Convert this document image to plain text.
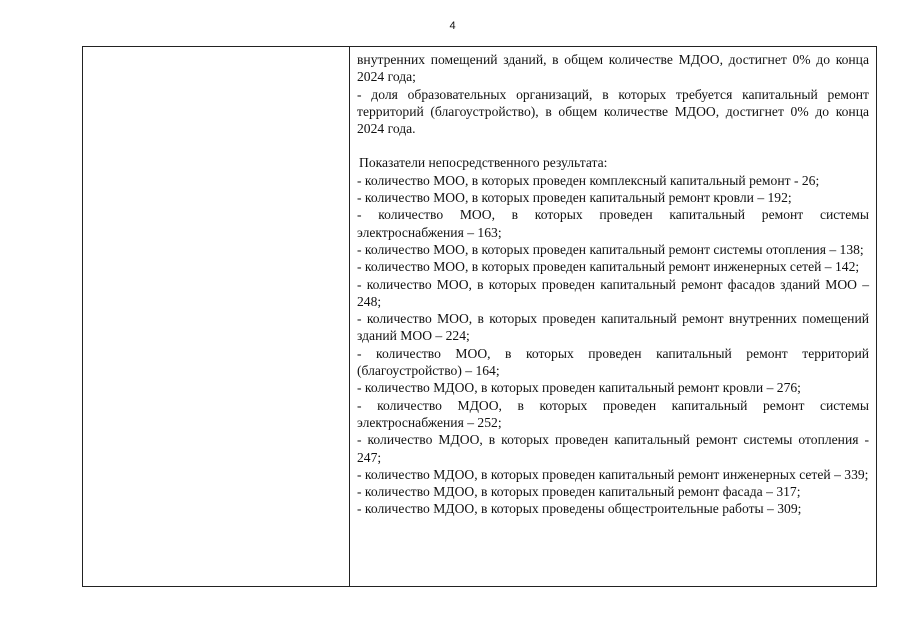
4

внутренних помещений зданий, в общем количестве МДОО, достигнет 0% до конца 2024 года;

- доля образовательных организаций, в которых требуется капитальный ремонт территорий (благоустройство), в общем количестве МДОО, достигнет 0% до конца 2024 года.

Показатели непосредственного результата:

- количество МОО, в которых проведен комплексный капитальный ремонт - 26;

- количество МОО, в которых проведен капитальный ремонт кровли – 192;

- количество МОО, в которых проведен капитальный ремонт системы электроснабжения – 163;

- количество МОО, в которых проведен капитальный ремонт системы отопления – 138;

- количество МОО, в которых проведен капитальный ремонт инженерных сетей – 142;

- количество МОО, в которых проведен капитальный ремонт фасадов зданий МОО – 248;

- количество МОО, в которых проведен капитальный ремонт внутренних помещений зданий МОО – 224;

- количество МОО, в которых проведен капитальный ремонт территорий (благоустройство) – 164;

- количество МДОО, в которых проведен капитальный ремонт кровли – 276;

- количество МДОО, в которых проведен капитальный ремонт системы электроснабжения – 252;

- количество МДОО, в которых проведен капитальный ремонт системы отопления - 247;

- количество МДОО, в которых проведен капитальный ремонт инженерных сетей – 339;

- количество МДОО, в которых проведен капитальный ремонт фасада – 317;

- количество МДОО, в которых проведены общестроительные работы – 309;
